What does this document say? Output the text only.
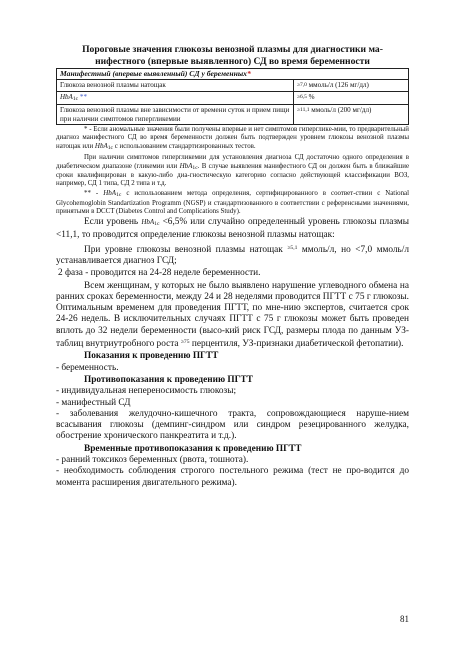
Пороговые значения глюкозы венозной плазмы для диагностики ма-
нифестного (впервые выявленного) СД во время беременности
Манифестный (впервые выявленный) СД у беременных*	
Глюкоза венозной плазмы натощак	≥7,0 ммоль/л (126 мг/дл)
HbA1c **	≥6,5 %
Глюкоза венозной плазмы вне зависимости от времени суток и прием пищи при наличии симптомов гипергликемии	≥11,1 ммоль/л (200 мг/дл)

* - Если аномальные значения были получены впервые и нет симптомов гипергликe-мии, то предварительный диагноз манифестного СД во время беременности должен быть подтвержден уровнем глюкозы венозной плазмы натощак или HbA1c с использованием стандартизированных тестов.

При наличии симптомов гипергликемии для установления диагноза СД достаточно одного определения в диабетическом диапазоне (гликемии или HbA1c. В случае выявления манифестного СД он должен быть в ближайшие сроки квалифицирован в какую-либо диа-гностическую категорию согласно действующей классификации ВОЗ, например, СД 1 типа, СД 2 типа и т.д.

** - HbA1c с использованием метода определения, сертифицированного в соответ-ствии с National Glycohemoglobin Standartization Programm (NGSP) и стандартизованного в соответствии с референсными значениями, принятыми в DCCT (Diabetes Control and Complications Study).

Если уровень HbA1c <6,5% или случайно определенный уровень глюкозы плазмы <11,1, то проводится определение глюкозы венозной плазмы натощак:

При уровне глюкозы венозной плазмы натощак $^{\ge 5,1}$ ммоль/л, но <7,0 ммоль/л устанавливается диагноз ГСД;

2 фаза - проводится на 24-28 неделе беременности.

Всем женщинам, у которых не было выявлено нарушение углеводного обмена на ранних сроках беременности, между 24 и 28 неделями проводится ПГТТ с 75 г глюкозы. Оптимальным временем для проведения ПГТТ, по мне-нию экспертов, считается срок 24-26 недель. В исключительных случаях ПГТТ с 75 г глюкозы может быть проведен вплоть до 32 недели беременности (высо-кий риск ГСД, размеры плода по данным УЗ-таблиц внутриутробного роста $^{\ge 75}$ перцентиля, УЗ-признаки диабетической фетопатии).

Показания к проведению ПГТТ

- беременность.

Противопоказания к проведению ПГТТ

- индивидуальная непереносимость глюкозы;

- манифестный СД

- заболевания желудочно-кишечного тракта, сопровождающиеся наруше-нием всасывания глюкозы (демпинг-синдром или синдром резецированного желудка, обострение хронического панкреатита и т.д.).

Временные противопоказания к проведению ПГТТ

- ранний токсикоз беременных (рвота, тошнота).

- необходимость соблюдения строгого постельного режима (тест не про-водится до момента расширения двигательного режима).

81
